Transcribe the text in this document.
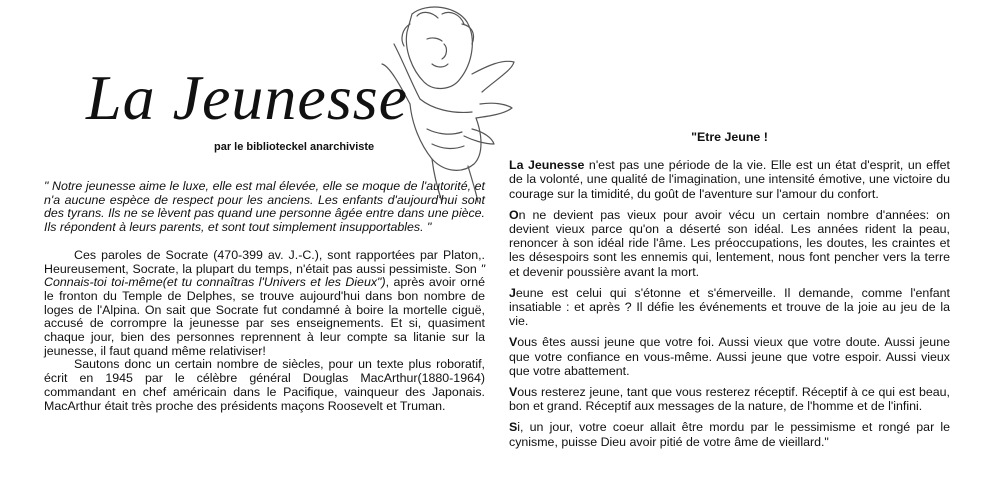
La Jeunesse
par le biblioteckel anarchiviste

" Notre jeunesse aime le luxe, elle est mal élevée, elle se moque de l'autorité, et n'a aucune espèce de respect pour les anciens. Les enfants d'aujourd'hui sont des tyrans. Ils ne se lèvent pas quand une personne âgée entre dans une pièce. Ils répondent à leurs parents, et sont tout simplement insupportables. "

Ces paroles de Socrate (470-399 av. J.-C.), sont rapportées par Platon,. Heureusement, Socrate, la plupart du temps, n'était pas aussi pessimiste. Son " Connais-toi toi-même(et tu connaîtras l'Univers et les Dieux"), après avoir orné le fronton du Temple de Delphes, se trouve aujourd'hui dans bon nombre de loges de l'Alpina. On sait que Socrate fut condamné à boire la mortelle ciguë, accusé de corrompre la jeunesse par ses enseignements. Et si, quasiment chaque jour, bien des personnes reprennent à leur compte sa litanie sur la jeunesse, il faut quand même relativiser!

Sautons donc un certain nombre de siècles, pour un texte plus roboratif, écrit en 1945 par le célèbre général Douglas MacArthur(1880-1964) commandant en chef américain dans le Pacifique, vainqueur des Japonais. MacArthur était très proche des présidents maçons Roosevelt et Truman.

"Etre Jeune !

La Jeunesse n'est pas une période de la vie. Elle est un état d'esprit, un effet de la volonté, une qualité de l'imagination, une intensité émotive, une victoire du courage sur la timidité, du goût de l'aventure sur l'amour du confort.

On ne devient pas vieux pour avoir vécu un certain nombre d'années: on devient vieux parce qu'on a déserté son idéal. Les années rident la peau, renoncer à son idéal ride l'âme. Les préoccupations, les doutes, les craintes et les désespoirs sont les ennemis qui, lentement, nous font pencher vers la terre et devenir poussière avant la mort.

Jeune est celui qui s'étonne et s'émerveille. Il demande, comme l'enfant insatiable : et après ? Il défie les événements et trouve de la joie au jeu de la vie.

Vous êtes aussi jeune que votre foi. Aussi vieux que votre doute. Aussi jeune que votre confiance en vous-même. Aussi jeune que votre espoir. Aussi vieux que votre abattement.

Vous resterez jeune, tant que vous resterez réceptif. Réceptif à ce qui est beau, bon et grand. Réceptif aux messages de la nature, de l'homme et de l'infini.

Si, un jour, votre coeur allait être mordu par le pessimisme et rongé par le cynisme, puisse Dieu avoir pitié de votre âme de vieillard."
